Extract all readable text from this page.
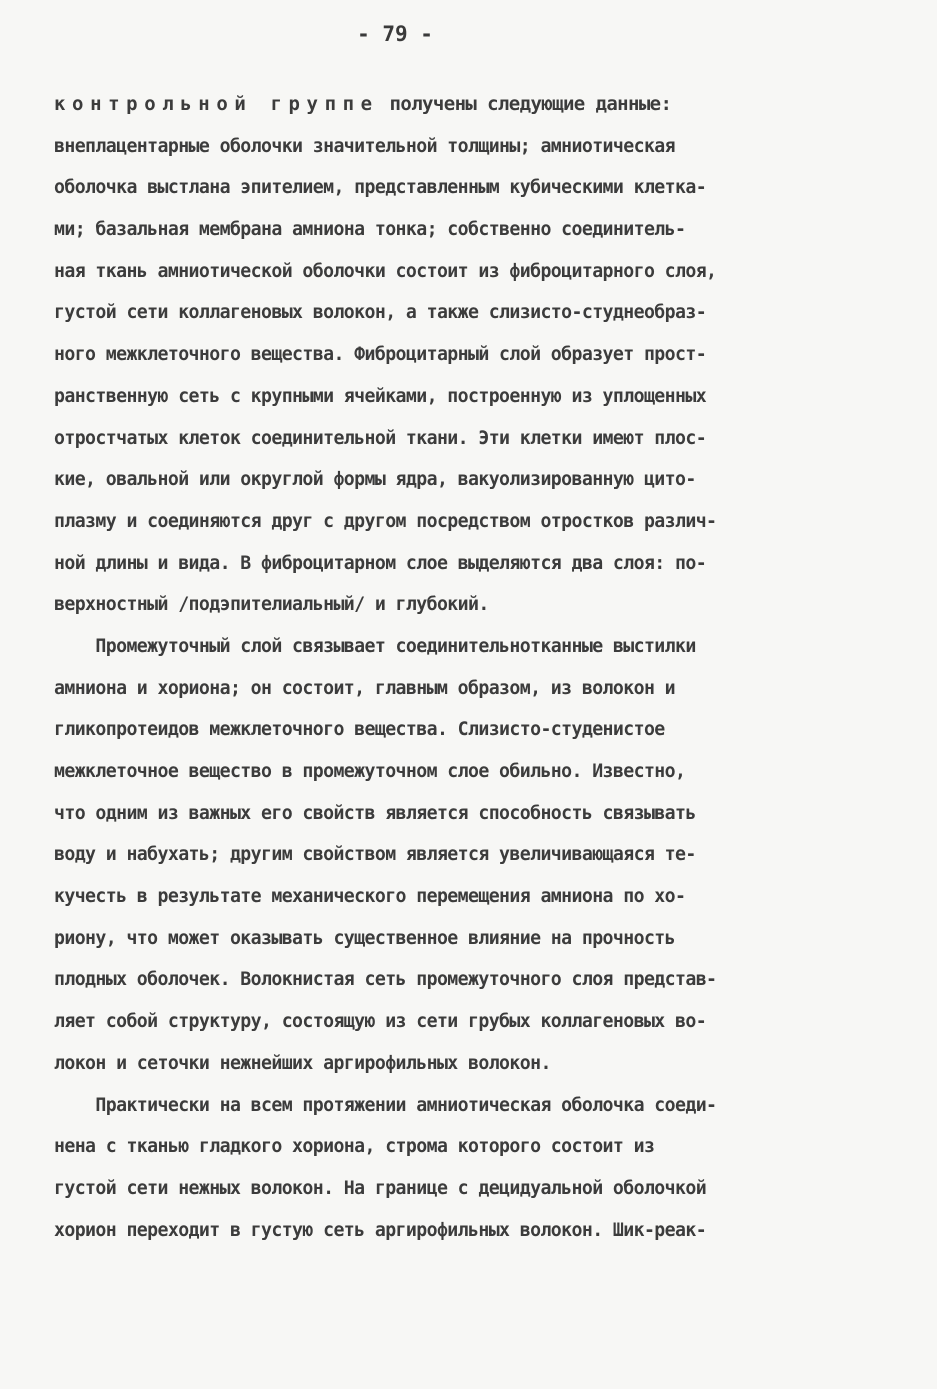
- 79 -
контрольной группе получены следующие данные:
внеплацентарные оболочки значительной толщины; амниотическая
оболочка выстлана эпителием, представленным кубическими клетка-
ми; базальная мембрана амниона тонка; собственно соединитель-
ная ткань амниотической оболочки состоит из фиброцитарного слоя,
густой сети коллагеновых волокон, а также слизисто-студнеобраз-
ного межклеточного вещества. Фиброцитарный слой образует прост-
ранственную сеть с крупными ячейками, построенную из уплощенных
отростчатых клеток соединительной ткани. Эти клетки имеют плос-
кие, овальной или округлой формы ядра, вакуолизированную цито-
плазму и соединяются друг с другом посредством отростков различ-
ной длины и вида. В фиброцитарном слое выделяются два слоя: по-
верхностный /подэпителиальный/ и глубокий.
Промежуточный слой связывает соединительнотканные выстилки
амниона и хориона; он состоит, главным образом, из волокон и
гликопротеидов межклеточного вещества. Слизисто-студенистое
межклеточное вещество в промежуточном слое обильно. Известно,
что одним из важных его свойств является способность связывать
воду и набухать; другим свойством является увеличивающаяся те-
кучесть в результате механического перемещения амниона по хо-
риону, что может оказывать существенное влияние на прочность
плодных оболочек. Волокнистая сеть промежуточного слоя представ-
ляет собой структуру, состоящую из сети грубых коллагеновых во-
локон и сеточки нежнейших аргирофильных волокон.
Практически на всем протяжении амниотическая оболочка соеди-
нена с тканью гладкого хориона, строма которого состоит из
густой сети нежных волокон. На границе с децидуальной оболочкой
хорион переходит в густую сеть аргирофильных волокон. Шик-реак-
